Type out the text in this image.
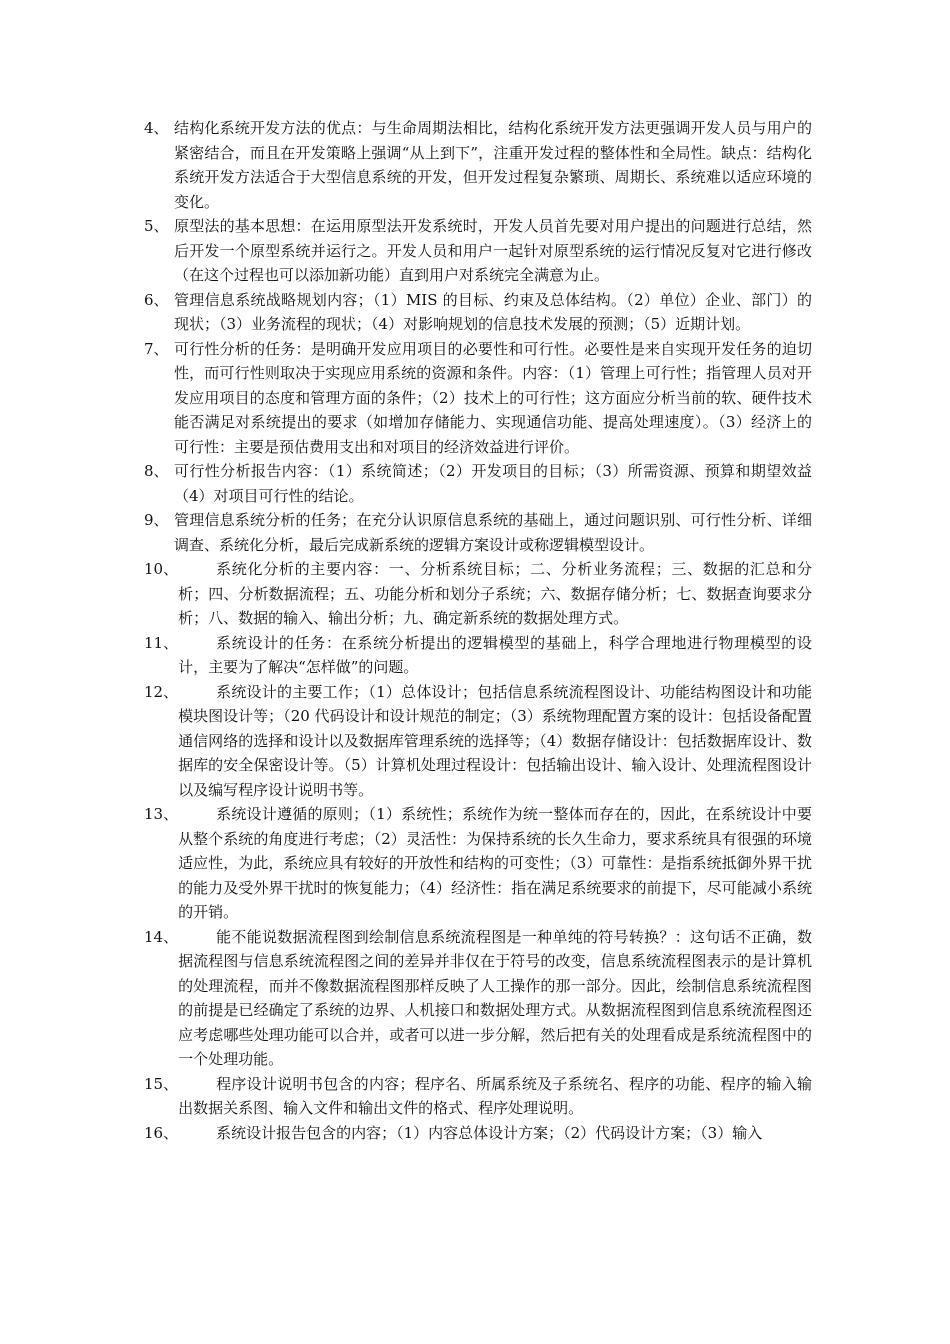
4、 结构化系统开发方法的优点：与生命周期法相比，结构化系统开发方法更强调开发人员与用户的紧密结合，而且在开发策略上强调“从上到下”，注重开发过程的整体性和全局性。缺点：结构化系统开发方法适合于大型信息系统的开发，但开发过程复杂繁琐、周期长、系统难以适应环境的变化。
5、 原型法的基本思想：在运用原型法开发系统时，开发人员首先要对用户提出的问题进行总结，然后开发一个原型系统并运行之。开发人员和用户一起针对原型系统的运行情况反复对它进行修改（在这个过程也可以添加新功能）直到用户对系统完全满意为止。
6、 管理信息系统战略规划内容；（1）MIS 的目标、约束及总体结构。（2）单位）企业、部门）的现状；（3）业务流程的现状；（4）对影响规划的信息技术发展的预测；（5）近期计划。
7、 可行性分析的任务：是明确开发应用项目的必要性和可行性。必要性是来自实现开发任务的迫切性，而可行性则取决于实现应用系统的资源和条件。内容：（1）管理上可行性；指管理人员对开发应用项目的态度和管理方面的条件；（2）技术上的可行性；这方面应分析当前的软、硬件技术能否满足对系统提出的要求（如增加存储能力、实现通信功能、提高处理速度）。（3）经济上的可行性：主要是预估费用支出和对项目的经济效益进行评价。
8、 可行性分析报告内容：（1）系统简述；（2）开发项目的目标；（3）所需资源、预算和期望效益（4）对项目可行性的结论。
9、 管理信息系统分析的任务；在充分认识原信息系统的基础上，通过问题识别、可行性分析、详细调查、系统化分析，最后完成新系统的逻辑方案设计或称逻辑模型设计。
10、	系统化分析的主要内容：一、分析系统目标；二、分析业务流程；三、数据的汇总和分析；四、分析数据流程；五、功能分析和划分子系统；六、数据存储分析；七、数据查询要求分析；八、数据的输入、输出分析；九、确定新系统的数据处理方式。
11、	系统设计的任务：在系统分析提出的逻辑模型的基础上，科学合理地进行物理模型的设计，主要为了解决“怎样做”的问题。
12、	系统设计的主要工作；（1）总体设计；包括信息系统流程图设计、功能结构图设计和功能模块图设计等；（20 代码设计和设计规范的制定；（3）系统物理配置方案的设计：包括设备配置通信网络的选择和设计以及数据库管理系统的选择等；（4）数据存储设计：包括数据库设计、数据库的安全保密设计等。（5）计算机处理过程设计：包括输出设计、输入设计、处理流程图设计以及编写程序设计说明书等。
13、	系统设计遵循的原则；（1）系统性；系统作为统一整体而存在的，因此，在系统设计中要从整个系统的角度进行考虑；（2）灵活性：为保持系统的长久生命力，要求系统具有很强的环境适应性，为此，系统应具有较好的开放性和结构的可变性；（3）可靠性：是指系统抵御外界干扰的能力及受外界干扰时的恢复能力；（4）经济性：指在满足系统要求的前提下，尽可能减小系统的开销。
14、	能不能说数据流程图到绘制信息系统流程图是一种单纯的符号转换？：这句话不正确，数据流程图与信息系统流程图之间的差异并非仅在于符号的改变，信息系统流程图表示的是计算机的处理流程，而并不像数据流程图那样反映了人工操作的那一部分。因此，绘制信息系统流程图的前提是已经确定了系统的边界、人机接口和数据处理方式。从数据流程图到信息系统流程图还应考虑哪些处理功能可以合并，或者可以进一步分解，然后把有关的处理看成是系统流程图中的一个处理功能。
15、	程序设计说明书包含的内容；程序名、所属系统及子系统名、程序的功能、程序的输入输出数据关系图、输入文件和输出文件的格式、程序处理说明。
16、	系统设计报告包含的内容；（1）内容总体设计方案；（2）代码设计方案；（3）输入
